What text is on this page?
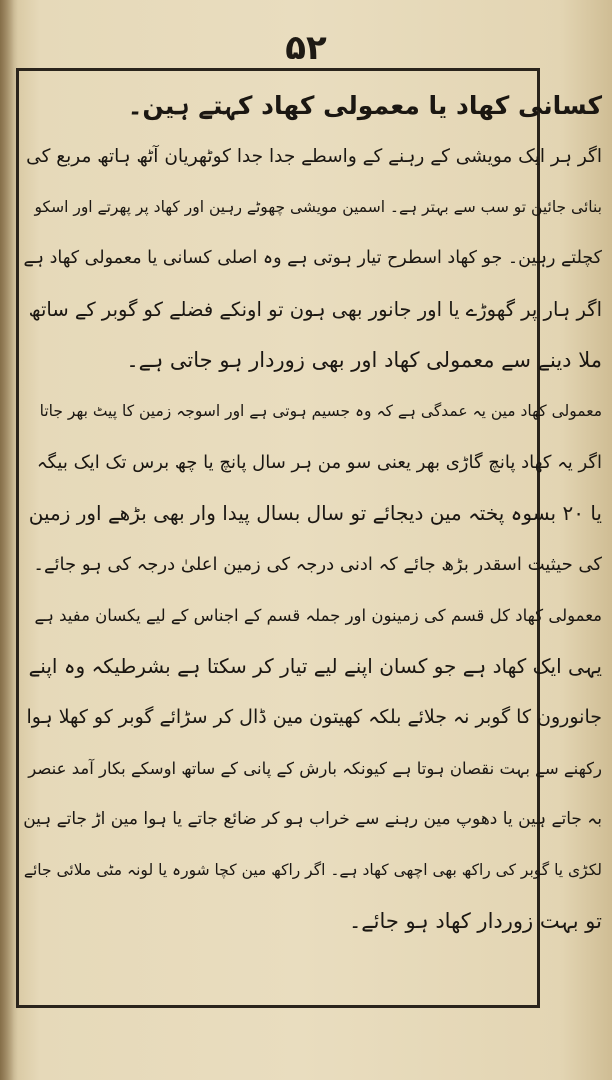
۵۲
کسانی کھاد یا معمولی کھاد کہتے ہین۔
اگر ہر ایک مویشی کے رہنے کے واسطے جدا جدا کوٹھریان آٹھ ہاتھ مربع کی
بنائی جائین تو سب سے بہتر ہے۔ اسمین مویشی چھوٹے رہین اور کھاد پر پھرتے اور اسکو
کچلتے رہین۔ جو کھاد اسطرح تیار ہوتی ہے وہ اصلی کسانی یا معمولی کھاد ہے
اگر ہار پر گھوڑے یا اور جانور بھی ہون تو اونکے فضلے کو گوبر کے ساتھ
ملا دینے سے معمولی کھاد اور بھی زوردار ہو جاتی ہے۔
معمولی کھاد مین یہ عمدگی ہے کہ وہ جسیم ہوتی ہے اور اسوجہ زمین کا پیٹ بھر جاتا
اگر یہ کھاد پانچ گاڑی بھر یعنی سو من ہر سال پانچ یا چھ برس تک ایک بیگہ
یا ۲۰ بسوہ پختہ مین دیجائے تو سال بسال پیدا وار بھی بڑھے اور زمین
کی حیثیت اسقدر بڑھ جائے کہ ادنی درجہ کی زمین اعلیٰ درجہ کی ہو جائے۔
معمولی کھاد کل قسم کی زمینون اور جملہ قسم کے اجناس کے لیے یکسان مفید ہے
یہی ایک کھاد ہے جو کسان اپنے لیے تیار کر سکتا ہے بشرطیکہ وہ اپنے
جانورون کا گوبر نہ جلائے بلکہ کھیتون مین ڈال کر سڑائے گوبر کو کھلا ہوا
رکھنے سے بہت نقصان ہوتا ہے کیونکہ بارش کے پانی کے ساتھ اوسکے بکار آمد عنصر
بہ جاتے ہین یا دھوپ مین رہنے سے خراب ہو کر ضائع جاتے یا ہوا مین اڑ جاتے ہین
لکڑی یا گوبر کی راکھ بھی اچھی کھاد ہے۔ اگر راکھ مین کچا شورہ یا لونہ مٹی ملائی جائے
تو بہت زوردار کھاد ہو جائے۔
